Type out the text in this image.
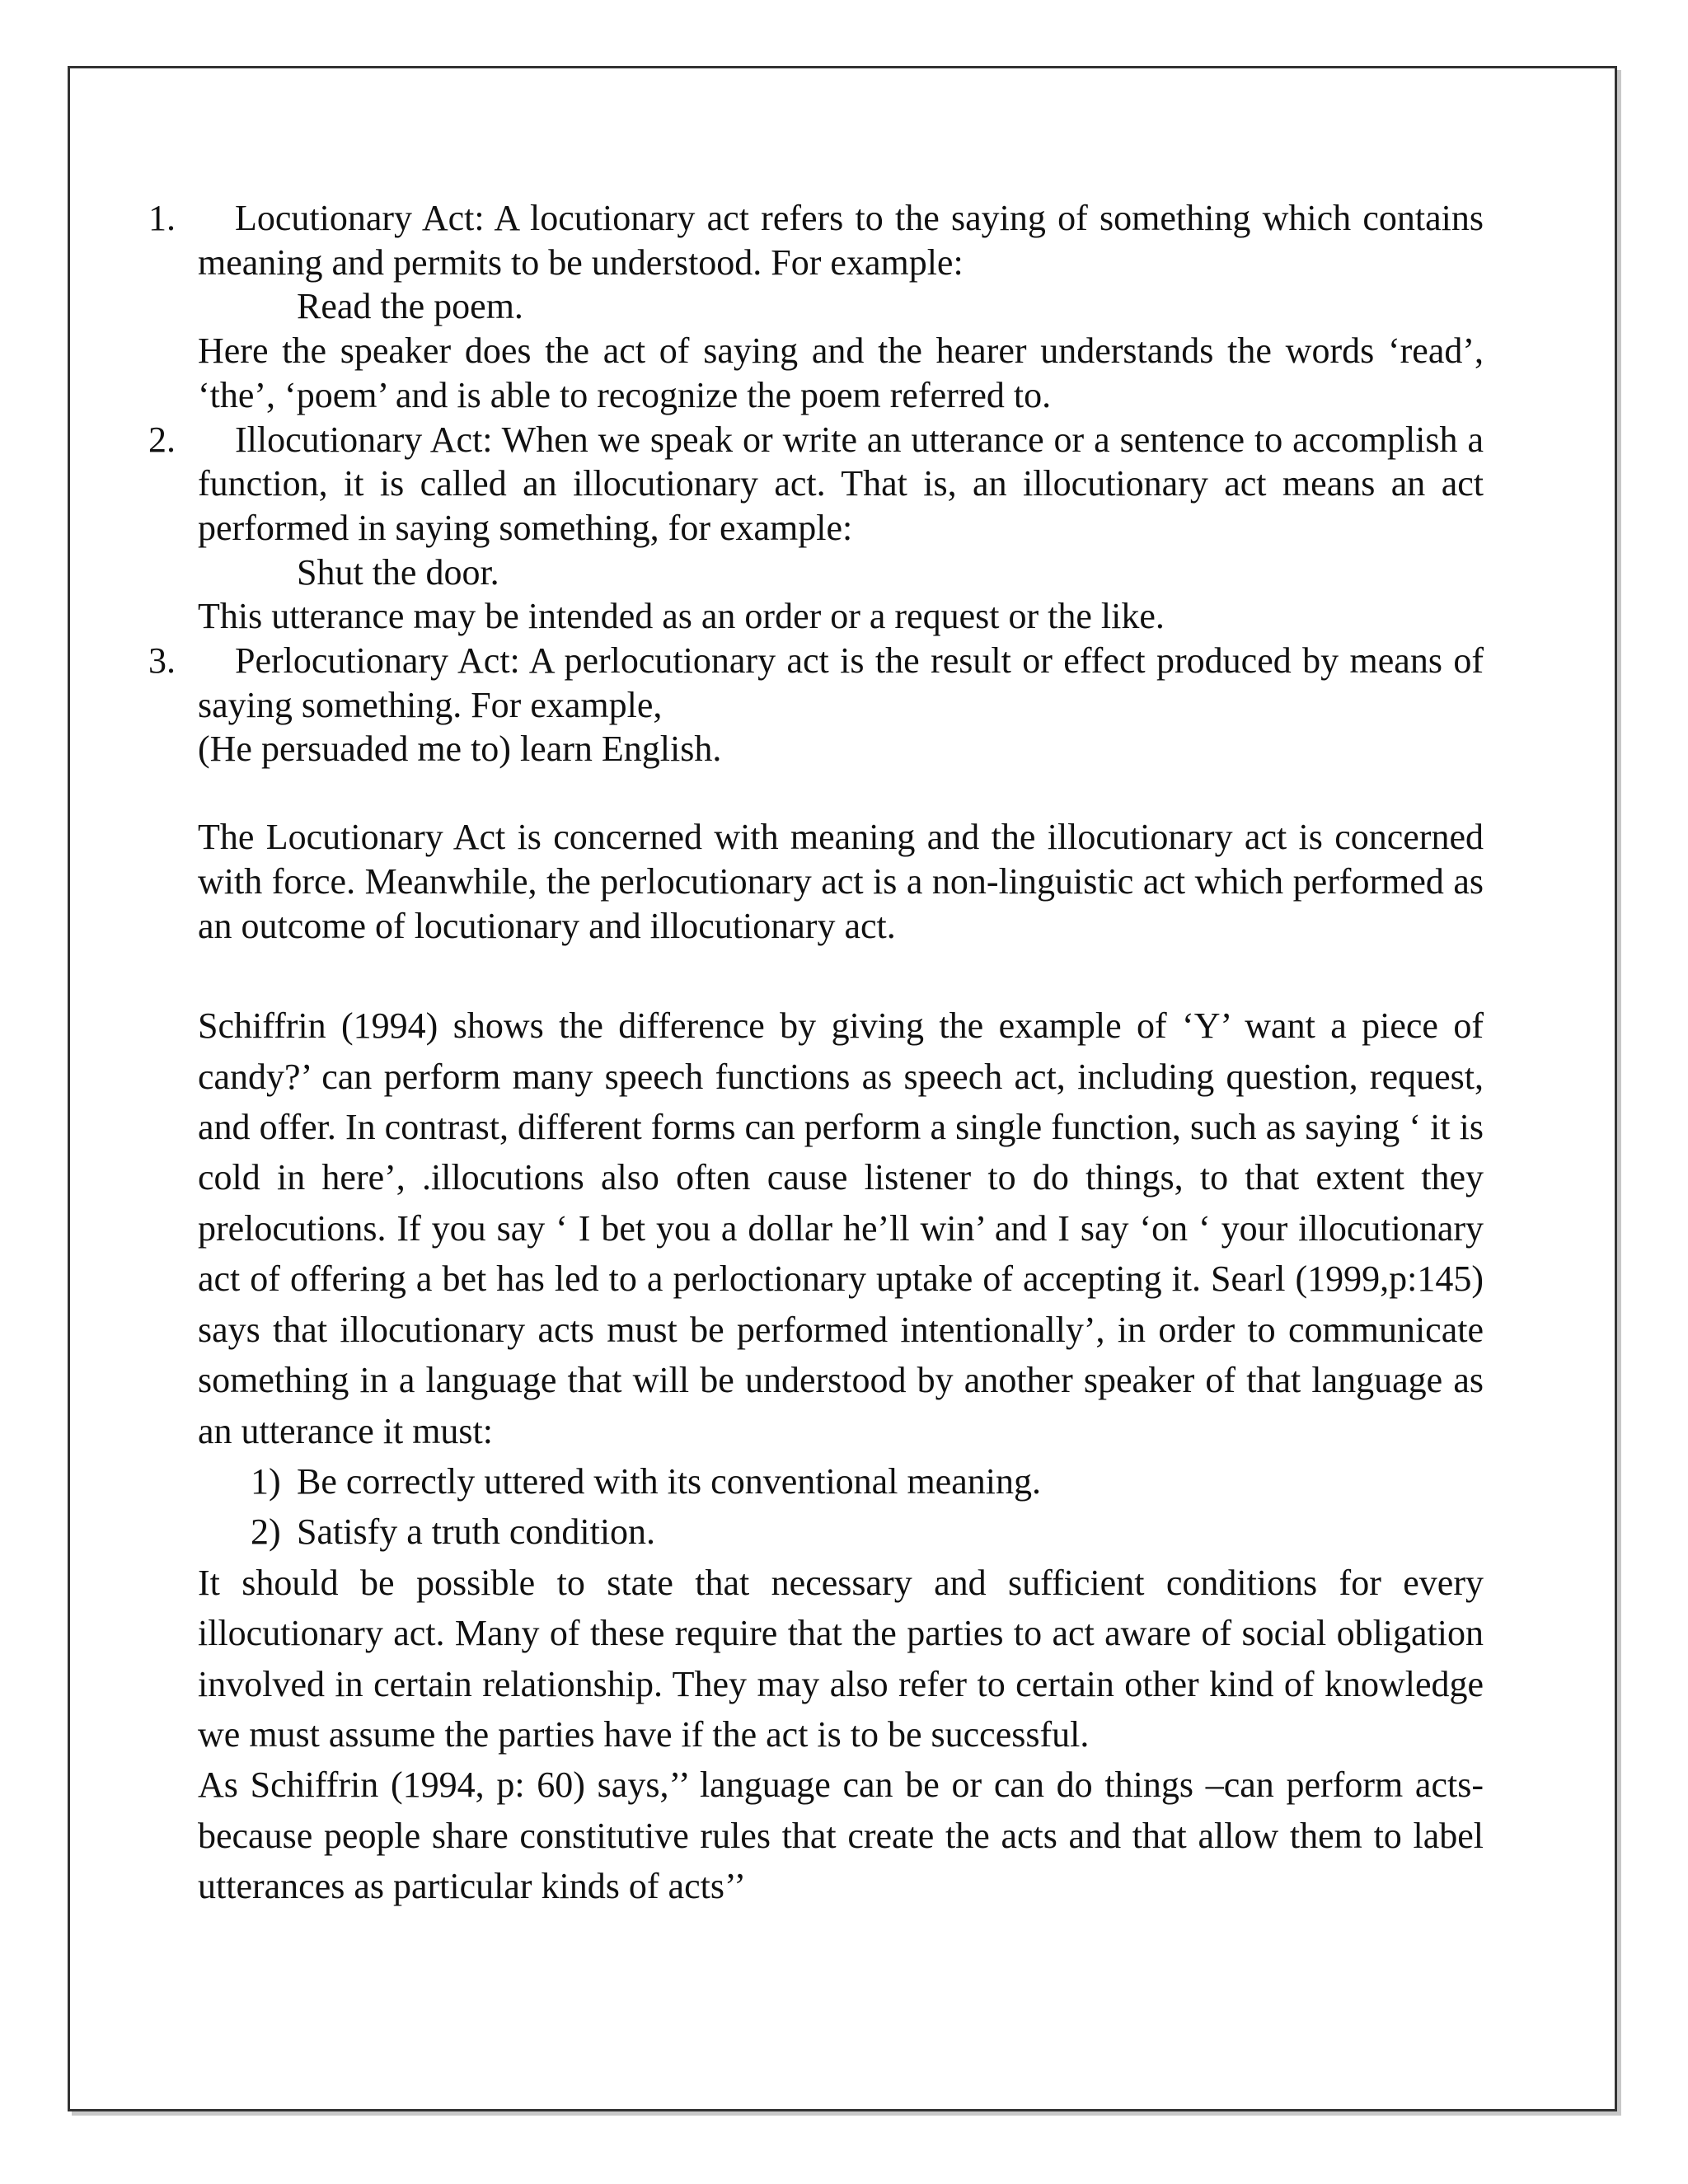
1.	Locutionary Act: A locutionary act refers to the saying of something which contains meaning and permits to be understood. For example:

Read the poem.

Here the speaker does the act of saying and the hearer understands the words ‘read’, ‘the’, ‘poem’ and is able to recognize the poem referred to.

2.	Illocutionary Act: When we speak or write an utterance or a sentence to accomplish a function, it is called an illocutionary act. That is, an illocutionary act means an act performed in saying something, for example:

Shut the door.

This utterance may be intended as an order or a request or the like.

3.	Perlocutionary Act: A perlocutionary act is the result or effect produced by means of saying something. For example,

(He persuaded me to) learn English.

The Locutionary Act is concerned with meaning and the illocutionary act is concerned with force. Meanwhile, the perlocutionary act is a non-linguistic act which performed as an outcome of locutionary and illocutionary act.

Schiffrin (1994) shows the difference by giving the example of ‘Y’ want a piece of candy?’ can perform many speech functions as speech act, including question, request, and offer. In contrast, different forms can perform a single function, such as saying ‘ it is cold in here’, .illocutions also often cause listener to do things, to that extent they prelocutions. If you say ‘ I bet you a dollar he’ll win’ and I say ‘on ‘ your illocutionary act of offering a bet has led to a perloctionary uptake of accepting it. Searl (1999,p:145) says that illocutionary acts must be performed intentionally’, in order to communicate something in a language that will be understood by another speaker of that language as an utterance it must:

1) Be correctly uttered with its conventional meaning.
2) Satisfy a truth condition.

It should be possible to state that necessary and sufficient conditions for every illocutionary act. Many of these require that the parties to act aware of social obligation involved in certain relationship. They may also refer to certain other kind of knowledge we must assume the parties have if the act is to be successful.

As Schiffrin (1994, p: 60) says,’’ language can be or can do things –can perform acts- because people share constitutive rules that create the acts and that allow them to label utterances as particular kinds of acts’’
